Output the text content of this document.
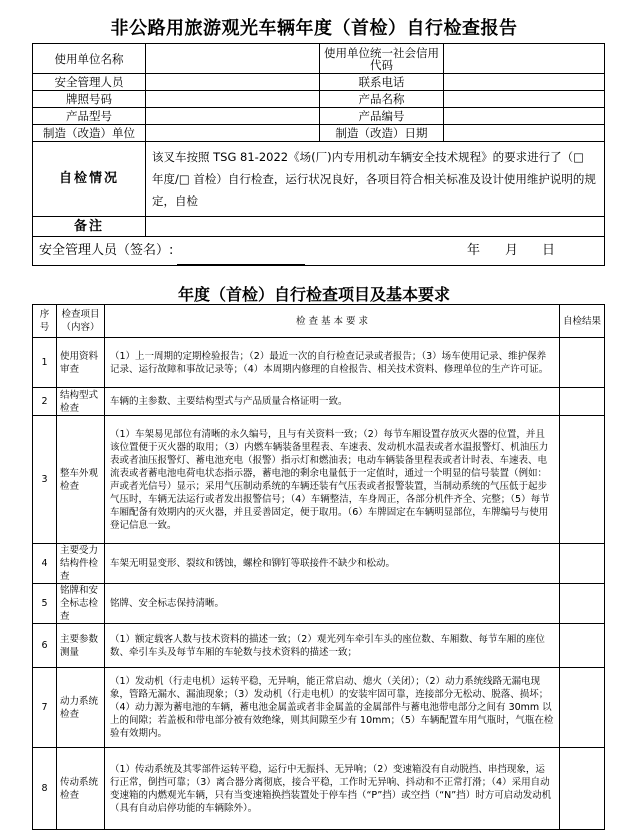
非公路用旅游观光车辆年度（首检）自行检查报告
使用单位名称		使用单位统一社会信用代码	
安全管理人员		联系电话	
牌照号码		产品名称	
产品型号		产品编号	
制造（改造）单位		制造（改造）日期	
自检情况	该叉车按照 TSG 81-2022《场(厂)内专用机动车辆安全技术规程》的要求进行了（□ 年度/□ 首检）自行检查，运行状况良好，各项目符合相关标准及设计使用维护说明的规定，自检		
备注			

安全管理人员（签名）: 年 月 日			
年度（首检）自行检查项目及基本要求
序号	检查项目（内容）	检 查 基 本 要 求	自检结果
1	使用资料审查	（1）上一周期的定期检验报告；（2）最近一次的自行检查记录或者报告；（3）场车使用记录、维护保养记录、运行故障和事故记录等；（4）本周期内修理的自检报告、相关技术资料、修理单位的生产许可证。	
2	结构型式检查	车辆的主参数、主要结构型式与产品质量合格证明一致。	
3	整车外观检查	（1）车架易见部位有清晰的永久编号，且与有关资料一致；（2）每节车厢设置存放灭火器的位置，并且该位置便于灭火器的取用；（3）内燃车辆装备里程表、车速表、发动机水温表或者水温报警灯、机油压力表或者油压报警灯、蓄电池充电（报警）指示灯和燃油表；电动车辆装备里程表或者计时表、车速表、电流表或者蓄电池电荷电状态指示器，蓄电池的剩余电量低于一定值时，通过一个明显的信号装置（例如：声或者光信号）显示；采用气压制动系统的车辆还装有气压表或者报警装置，当制动系统的气压低于起步气压时，车辆无法运行或者发出报警信号；（4）车辆整洁，车身周正，各部分机件齐全、完整；（5）每节车厢配备有效期内的灭火器，并且妥善固定，便于取用。（6）车牌固定在车辆明显部位，车牌编号与使用登记信息一致。	
4	主要受力结构件检查	车架无明显变形、裂纹和锈蚀，螺栓和铆钉等联接件不缺少和松动。	
5	铭牌和安全标志检查	铭牌、安全标志保持清晰。	
6	主要参数测量	（1）额定载客人数与技术资料的描述一致；（2）观光列车牵引车头的座位数、车厢数、每节车厢的座位数、牵引车头及每节车厢的车轮数与技术资料的描述一致；	
7	动力系统检查	（1）发动机（行走电机）运转平稳，无异响，能正常启动、熄火（关闭）；（2）动力系统线路无漏电现象，管路无漏水、漏油现象；（3）发动机（行走电机）的安装牢固可靠，连接部分无松动、脱落、损坏；（4）动力源为蓄电池的车辆，蓄电池金属盖或者非金属盖的金属部件与蓄电池带电部分之间有 30mm 以上的间隙；若盖板和带电部分被有效绝缘，则其间隙至少有 10mm；（5）车辆配置车用气瓶时，气瓶在检验有效期内。	
8	传动系统检查	（1）传动系统及其零部件运转平稳，运行中无振抖、无异响；（2）变速箱没有自动脱挡、串挡现象，运行正常，倒挡可靠；（3）离合器分离彻底，接合平稳，工作时无异响、抖动和不正常打滑；（4）采用自动变速箱的内燃观光车辆，只有当变速箱换挡装置处于停车挡（“P”挡）或空挡（“N”挡）时方可启动发动机（具有自动启停功能的车辆除外）。	
